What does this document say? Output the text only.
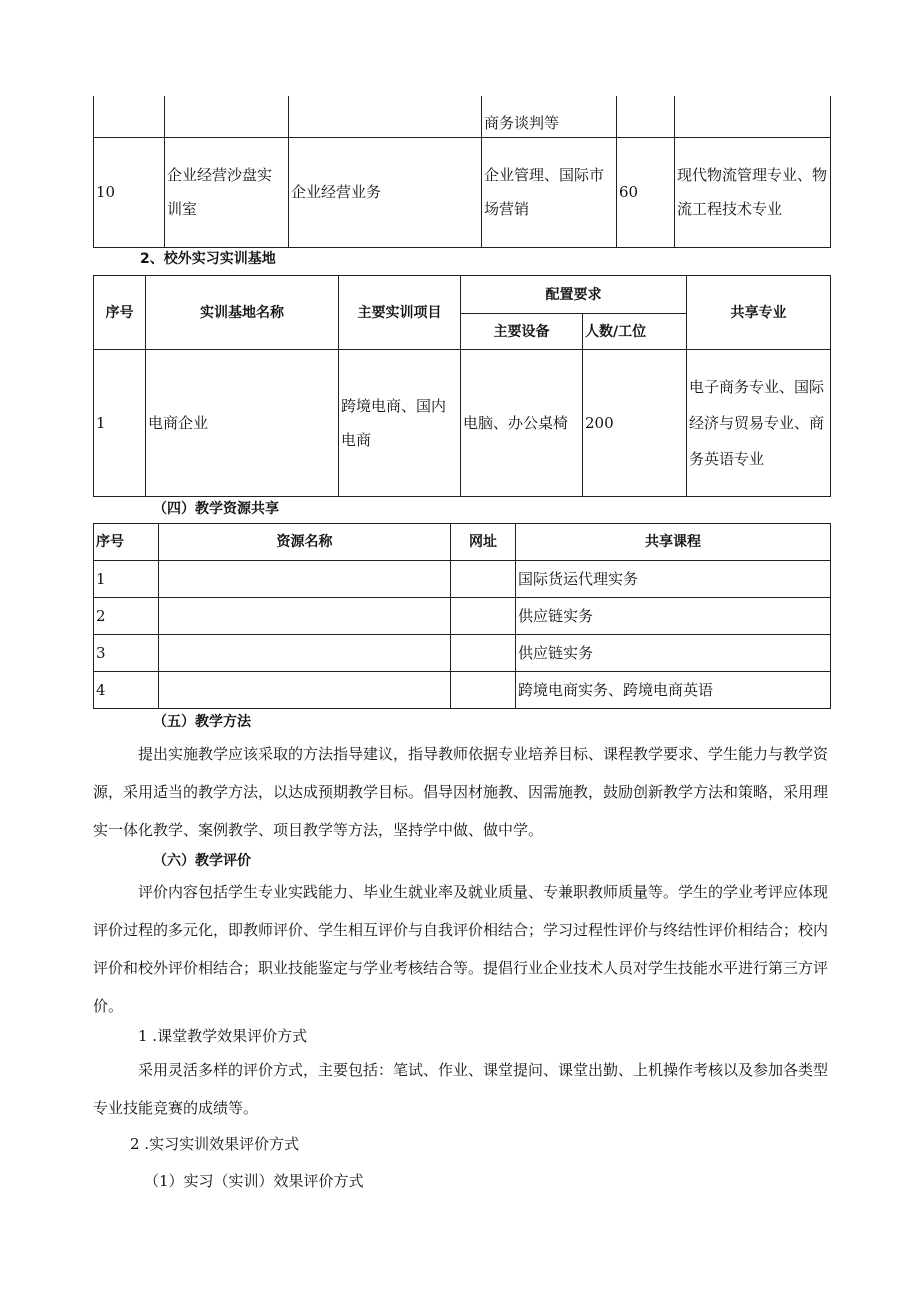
			商务谈判等		
10	企业经营沙盘实训室	企业经营业务	企业管理、国际市场营销	60	现代物流管理专业、物流工程技术专业
2、校外实习实训基地
序号	实训基地名称	主要实训项目	配置要求		共享专业
			主要设备	人数/工位	
1	电商企业	跨境电商、国内电商	电脑、办公桌椅	200	电子商务专业、国际经济与贸易专业、商务英语专业
（四）教学资源共享
序号	资源名称	网址	共享课程
1			国际货运代理实务
2			供应链实务
3			供应链实务
4			跨境电商实务、跨境电商英语
（五）教学方法
提出实施教学应该采取的方法指导建议，指导教师依据专业培养目标、课程教学要求、学生能力与教学资源，采用适当的教学方法，以达成预期教学目标。倡导因材施教、因需施教，鼓励创新教学方法和策略，采用理实一体化教学、案例教学、项目教学等方法，坚持学中做、做中学。
（六）教学评价
评价内容包括学生专业实践能力、毕业生就业率及就业质量、专兼职教师质量等。学生的学业考评应体现评价过程的多元化，即教师评价、学生相互评价与自我评价相结合；学习过程性评价与终结性评价相结合；校内评价和校外评价相结合；职业技能鉴定与学业考核结合等。提倡行业企业技术人员对学生技能水平进行第三方评价。
1 .课堂教学效果评价方式
采用灵活多样的评价方式，主要包括：笔试、作业、课堂提问、课堂出勤、上机操作考核以及参加各类型专业技能竞赛的成绩等。
2 .实习实训效果评价方式
（1）实习（实训）效果评价方式
